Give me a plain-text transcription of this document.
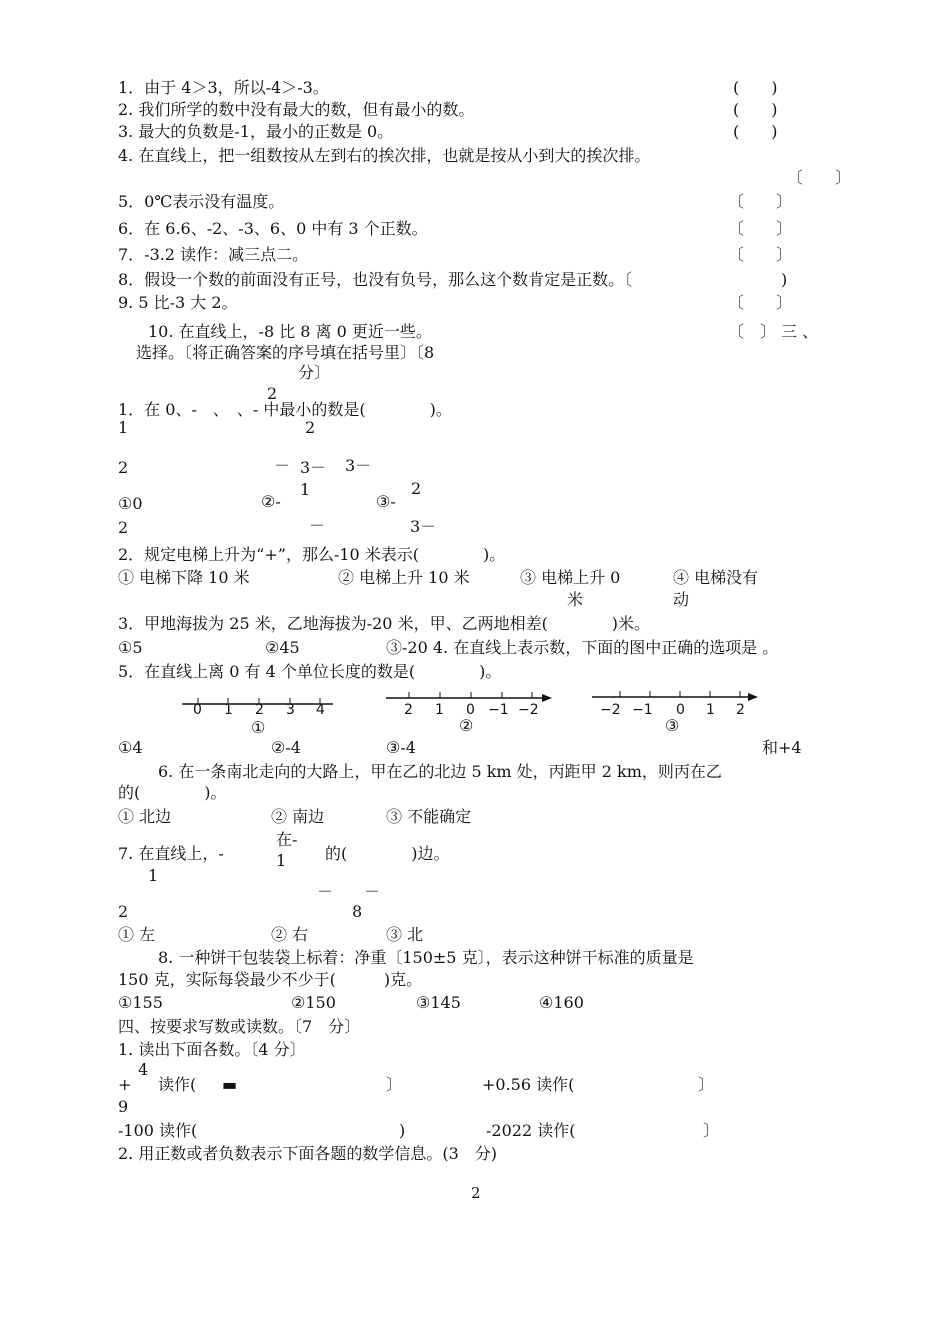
1．由于 4＞3，所以-4＞-3。	(　　)
2. 我们所学的数中没有最大的数，但有最小的数。	(　　)
3. 最大的负数是-1，最小的正数是 0。	(　　)
4. 在直线上，把一组数按从左到右的挨次排，也就是按从小到大的挨次排。
〔　　〕
5．0℃表示没有温度。	〔　　〕
6．在 6.6、-2、-3、6、0 中有 3 个正数。	〔　　〕
7．-3.2 读作：减三点二。	〔　　〕
8．假设一个数的前面没有正号，也没有负号，那么这个数肯定是正数。〔	)
9. 5 比-3 大 2。	〔　　〕
10. 在直线上，-8 比 8 离 0 更近一些。	〔　〕 三 、
选择。〔将正确答案的序号填在括号里〕〔8
分〕
2
1．在 0、-　、　、- 中最小的数是(　　　　)。
1	2
2	－ 3－ 3－
1	2
①0	②-	③-
2	－	3－
2．规定电梯上升为“+”，那么-10 米表示(　　　　)。
① 电梯下降 10 米	② 电梯上升 10 米	③ 电梯上升 0
米
④ 电梯没有
动
3．甲地海拔为 25 米，乙地海拔为-20 米，甲、乙两地相差(　　　　)米。
①5	②45	③-20 4. 在直线上表示数，下面的图中正确的选项是 。
5．在直线上离 0 有 4 个单位长度的数是(　　　　)。
0 1 2 3 4
①
2 1 0 −1 −2
②
−2 −1 0 1 2
③
①4	②-4	③-4	和+4
6. 在一条南北走向的大路上，甲在乙的北边 5 km 处，丙距甲 2 km，则丙在乙
的(　　　　)。
① 北边	② 南边	③ 不能确定
在-
7. 在直线上，-	1 的(　　　　)边。
1
－ －
2	8
① 左	② 右	③ 北
8. 一种饼干包装袋上标着：净重〔150±5 克〕，表示这种饼干标准的质量是
150 克，实际每袋最少不少于(　　　)克。
①155	②150	③145	④160
四、按要求写数或读数。〔7　分〕
1. 读出下面各数。〔4 分〕
4
+ 读作( ▬	〕	+0.56 读作(	〕
9
-100 读作(	)	-2022 读作(	〕
2. 用正数或者负数表示下面各题的数学信息。(3　分)
2
